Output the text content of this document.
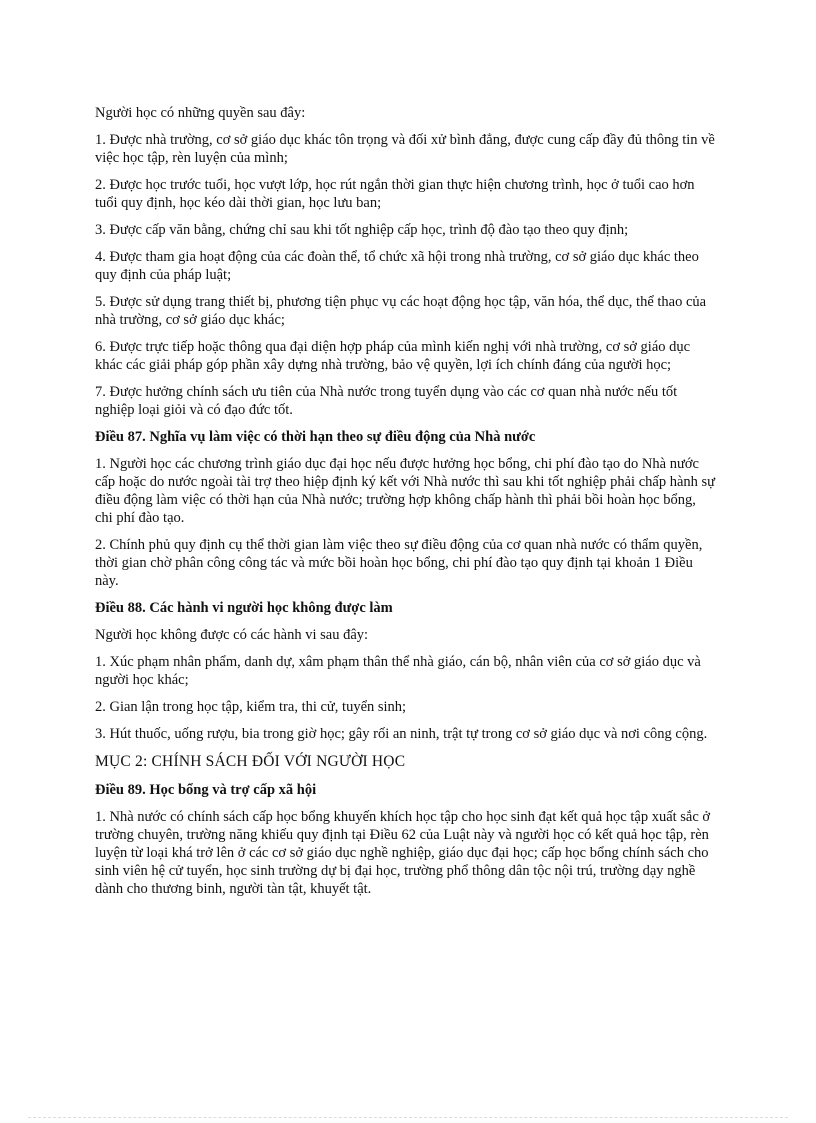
Người học có những quyền sau đây:

1. Được nhà trường, cơ sở giáo dục khác tôn trọng và đối xử bình đẳng, được cung cấp đầy đủ thông tin về việc học tập, rèn luyện của mình;

2. Được học trước tuổi, học vượt lớp, học rút ngắn thời gian thực hiện chương trình, học ở tuổi cao hơn tuổi quy định, học kéo dài thời gian, học lưu ban;

3. Được cấp văn bằng, chứng chỉ sau khi tốt nghiệp cấp học, trình độ đào tạo theo quy định;

4. Được tham gia hoạt động của các đoàn thể, tổ chức xã hội trong nhà trường, cơ sở giáo dục khác theo quy định của pháp luật;

5. Được sử dụng trang thiết bị, phương tiện phục vụ các hoạt động học tập, văn hóa, thể dục, thể thao của nhà trường, cơ sở giáo dục khác;

6. Được trực tiếp hoặc thông qua đại diện hợp pháp của mình kiến nghị với nhà trường, cơ sở giáo dục khác các giải pháp góp phần xây dựng nhà trường, bảo vệ quyền, lợi ích chính đáng của người học;

7. Được hưởng chính sách ưu tiên của Nhà nước trong tuyển dụng vào các cơ quan nhà nước nếu tốt nghiệp loại giỏi và có đạo đức tốt.

Điều 87. Nghĩa vụ làm việc có thời hạn theo sự điều động của Nhà nước

1. Người học các chương trình giáo dục đại học nếu được hưởng học bổng, chi phí đào tạo do Nhà nước cấp hoặc do nước ngoài tài trợ theo hiệp định ký kết với Nhà nước thì sau khi tốt nghiệp phải chấp hành sự điều động làm việc có thời hạn của Nhà nước; trường hợp không chấp hành thì phải bồi hoàn học bổng, chi phí đào tạo.

2. Chính phủ quy định cụ thể thời gian làm việc theo sự điều động của cơ quan nhà nước có thẩm quyền, thời gian chờ phân công công tác và mức bồi hoàn học bổng, chi phí đào tạo quy định tại khoản 1 Điều này.

Điều 88. Các hành vi người học không được làm

Người học không được có các hành vi sau đây:

1. Xúc phạm nhân phẩm, danh dự, xâm phạm thân thể nhà giáo, cán bộ, nhân viên của cơ sở giáo dục và người học khác;

2. Gian lận trong học tập, kiểm tra, thi cử, tuyển sinh;

3. Hút thuốc, uống rượu, bia trong giờ học; gây rối an ninh, trật tự trong cơ sở giáo dục và nơi công cộng.

MỤC 2: CHÍNH SÁCH ĐỐI VỚI NGƯỜI HỌC
Điều 89. Học bổng và trợ cấp xã hội

1. Nhà nước có chính sách cấp học bổng khuyến khích học tập cho học sinh đạt kết quả học tập xuất sắc ở trường chuyên, trường năng khiếu quy định tại Điều 62 của Luật này và người học có kết quả học tập, rèn luyện từ loại khá trở lên ở các cơ sở giáo dục nghề nghiệp, giáo dục đại học; cấp học bổng chính sách cho sinh viên hệ cử tuyển, học sinh trường dự bị đại học, trường phổ thông dân tộc nội trú, trường dạy nghề dành cho thương binh, người tàn tật, khuyết tật.
